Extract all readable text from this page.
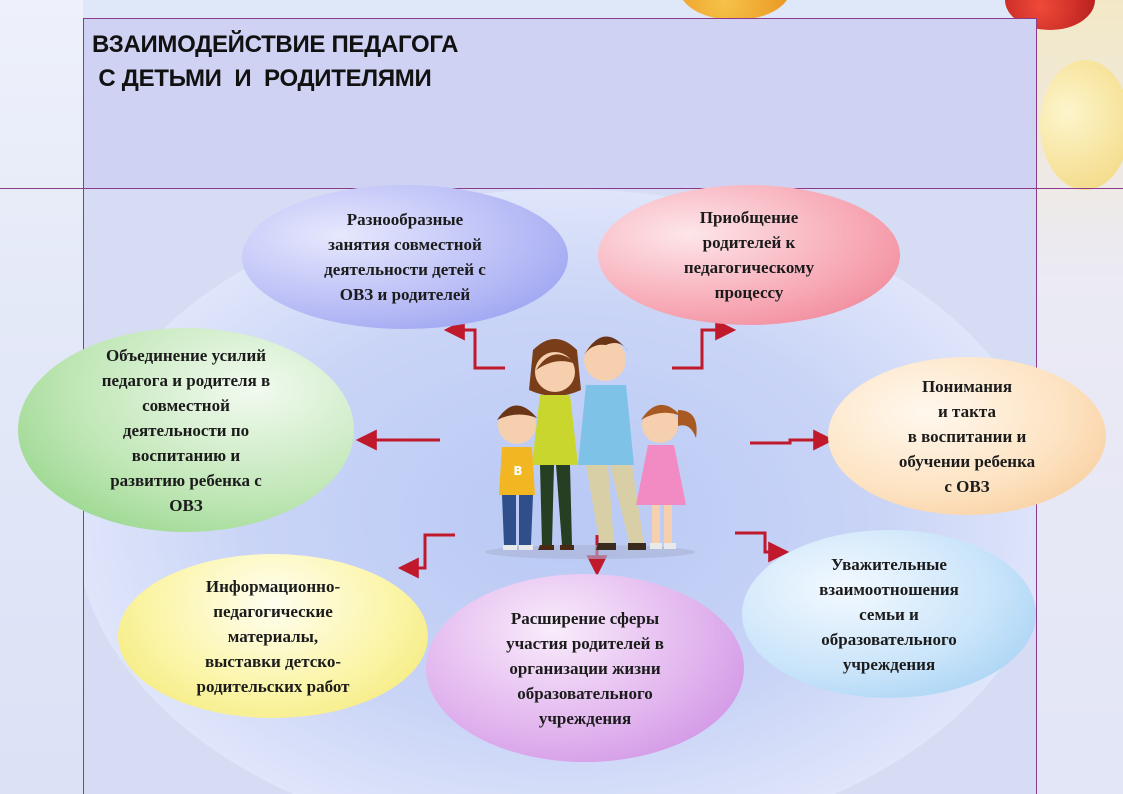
ВЗАИМОДЕЙСТВИЕ ПЕДАГОГА
С ДЕТЬМИ  И  РОДИТЕЛЯМИ
B
Разнообразные
занятия совместной
деятельности детей с
ОВЗ и родителей
Приобщение
родителей к
педагогическому
процессу
Объединение усилий
педагога и родителя в
совместной
деятельности по
воспитанию и
развитию ребенка с
ОВЗ
Понимания
и такта
в воспитании и
обучении ребенка
с ОВЗ
Информационно-
педагогические
материалы,
выставки детско-
родительских работ
Расширение сферы
участия родителей в
организации жизни
образовательного
учреждения
Уважительные
взаимоотношения
семьи и
образовательного
учреждения
